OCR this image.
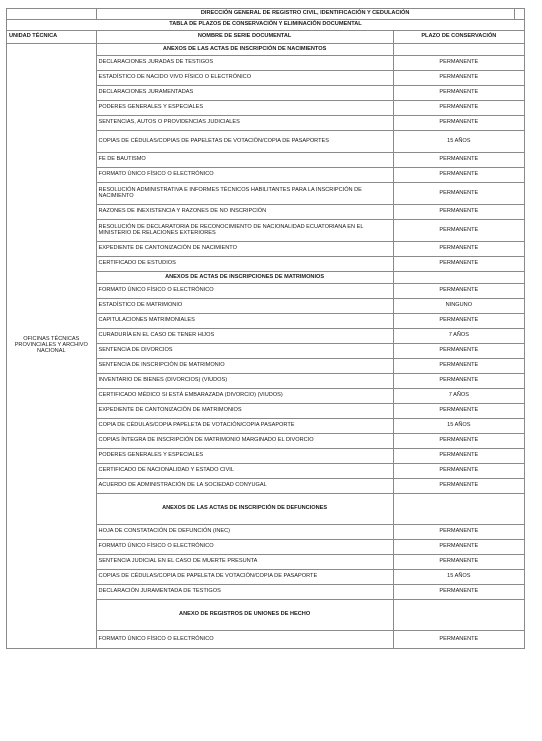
	DIRECCIÓN GENERAL DE REGISTRO CIVIL, IDENTIFICACIÓN Y CEDULACIÓN		
TABLA DE PLAZOS DE CONSERVACIÓN Y ELIMINACIÓN DOCUMENTAL			
UNIDAD TÉCNICA	NOMBRE DE SERIE DOCUMENTAL	PLAZO DE CONSERVACIÓN	
OFICINAS TÉCNICAS PROVINCIALES Y ARCHIVO NACIONAL	ANEXOS DE LAS ACTAS DE INSCRIPCIÓN DE NACIMIENTOS		
	DECLARACIONES JURADAS DE TESTIGOS	PERMANENTE	
	ESTADÍSTICO DE NACIDO VIVO FÍSICO O ELECTRÓNICO	PERMANENTE	
	DECLARACIONES JURAMENTADAS	PERMANENTE	
	PODERES GENERALES Y ESPECIALES	PERMANENTE	
	SENTENCIAS, AUTOS O PROVIDENCIAS JUDICIALES	PERMANENTE	
	COPIAS DE CÉDULAS/COPIAS DE PAPELETAS DE VOTACIÓN/COPIA DE PASAPORTES	15 AÑOS	
	FE DE BAUTISMO	PERMANENTE	
	FORMATO ÚNICO FÍSICO O ELECTRÓNICO	PERMANENTE	
	RESOLUCIÓN ADMINISTRATIVA E INFORMES TÉCNICOS HABILITANTES PARA LA INSCRIPCIÓN DE NACIMIENTO	PERMANENTE	
	RAZONES DE INEXISTENCIA Y RAZONES DE NO INSCRIPCIÓN	PERMANENTE	
	RESOLUCIÓN DE DECLARATORIA DE RECONOCIMIENTO DE NACIONALIDAD ECUATORIANA EN EL MINISTERIO DE RELACIONES EXTERIORES	PERMANENTE	
	EXPEDIENTE DE CANTONIZACIÓN DE NACIMIENTO	PERMANENTE	
	CERTIFICADO DE ESTUDIOS	PERMANENTE	
	ANEXOS DE ACTAS DE INSCRIPCIONES DE MATRIMONIOS		
	FORMATO ÚNICO FÍSICO O ELECTRÓNICO	PERMANENTE	
	ESTADÍSTICO DE MATRIMONIO	NINGUNO	
	CAPITULACIONES MATRIMONIALES	PERMANENTE	
	CURADURÍA EN EL CASO DE TENER HIJOS	7 AÑOS	
	SENTENCIA DE DIVORCIOS	PERMANENTE	
	SENTENCIA DE INSCRIPCIÓN DE MATRIMONIO	PERMANENTE	
	INVENTARIO DE BIENES (DIVORCIOS) (VIUDOS)	PERMANENTE	
	CERTIFICADO MÉDICO SI ESTÁ EMBARAZADA (DIVORCIO) (VIUDOS)	7 AÑOS	
	EXPEDIENTE DE CANTONIZACIÓN DE MATRIMONIOS	PERMANENTE	
	COPIA DE CÉDULAS/COPIA PAPELETA DE VOTACIÓN/COPIA PASAPORTE	15 AÑOS	
	COPIAS ÍNTEGRA DE INSCRIPCIÓN DE MATRIMONIO MARGINADO EL DIVORCIO	PERMANENTE	
	PODERES GENERALES Y ESPECIALES	PERMANENTE	
	CERTIFICADO DE NACIONALIDAD Y ESTADO CIVIL	PERMANENTE	
	ACUERDO DE ADMINISTRACIÓN DE LA SOCIEDAD CONYUGAL	PERMANENTE	
	ANEXOS DE LAS ACTAS DE INSCRIPCIÓN DE DEFUNCIONES		
	HOJA DE CONSTATACIÓN DE DEFUNCIÓN (INEC)	PERMANENTE	
	FORMATO ÚNICO FÍSICO O ELECTRÓNICO	PERMANENTE	
	SENTENCIA JUDICIAL EN EL CASO DE MUERTE PRESUNTA	PERMANENTE	
	COPIAS DE CÉDULAS/COPIA DE PAPELETA DE VOTACIÓN/COPIA DE PASAPORTE	15 AÑOS	
	DECLARACIÓN JURAMENTADA DE TESTIGOS	PERMANENTE	
	ANEXO DE REGISTROS DE UNIONES DE HECHO		
	FORMATO ÚNICO FÍSICO O ELECTRÓNICO	PERMANENTE	
